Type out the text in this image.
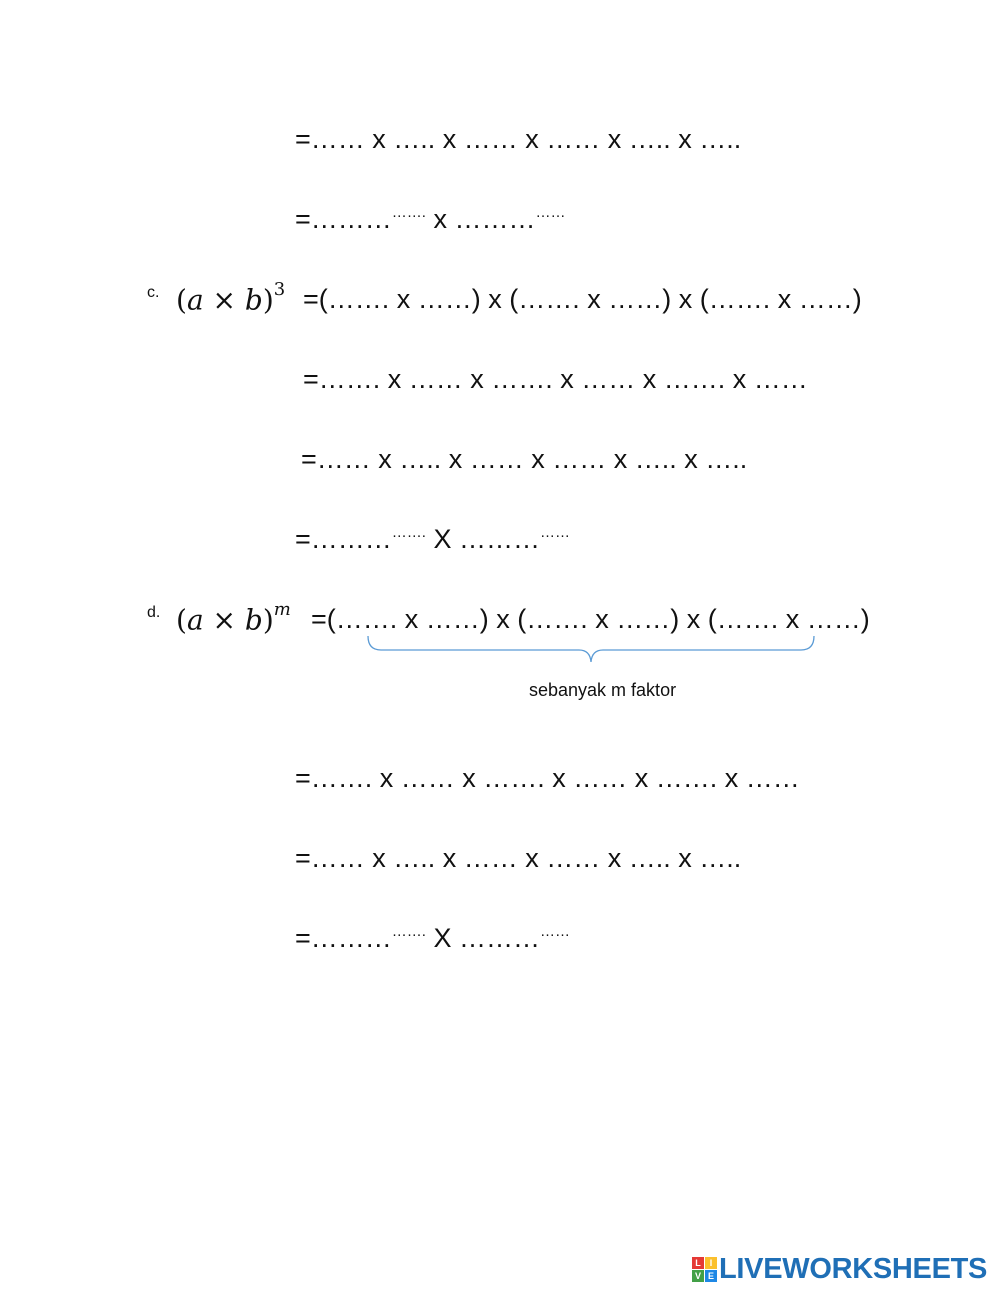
=…… x ….. x …… x …… x ….. x …..
=……………. x ……………
c. $(a \times b)^3$ =(……. x ……) x (……. x ……) x (……. x ……)
=……. x …… x ……. x …… x ……. x ……
=…… x ….. x …… x …… x ….. x …..
=……………. X ……………
d. $(a \times b)^m$ =(……. x ……) x (……. x ……) x (……. x ……)
sebanyak m faktor
=……. x …… x ……. x …… x ……. x ……
=…… x ….. x …… x …… x ….. x …..
=……………. X ……………
L I
V E LIVEWORKSHEETS
